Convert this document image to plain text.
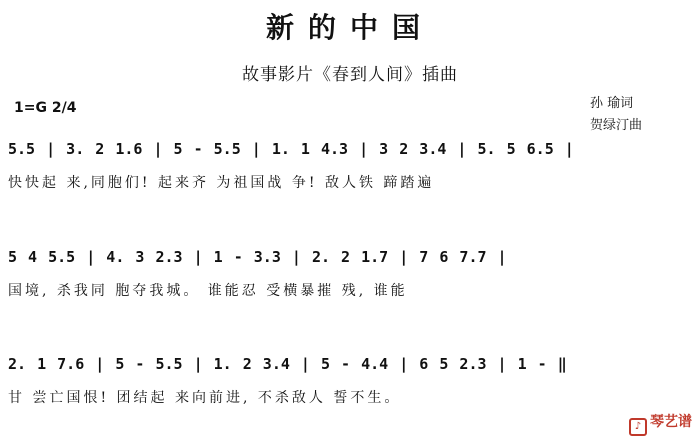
新的中国
故事影片《春到人间》插曲
1=G 2/4	孙 瑜词
贺绿汀曲
5.5 | 3. 2 1.6 | 5 - 5.5 | 1. 1 4.3 | 3 2 3.4 | 5. 5 6.5 |
快快起 来,同胞们! 起来齐 为祖国战 争! 敌人铁 蹄踏遍
5 4 5.5 | 4. 3 2.3 | 1 - 3.3 | 2. 2 1.7 | 7 6 7.7 |
国境, 杀我同 胞夺我城。 谁能忍 受横暴摧 残, 谁能
2. 1 7.6 | 5 - 5.5 | 1. 2 3.4 | 5 - 4.4 | 6 5 2.3 | 1 - ‖
甘 尝亡国恨! 团结起 来向前进, 不杀敌人 誓不生。
♪ 琴艺谱
